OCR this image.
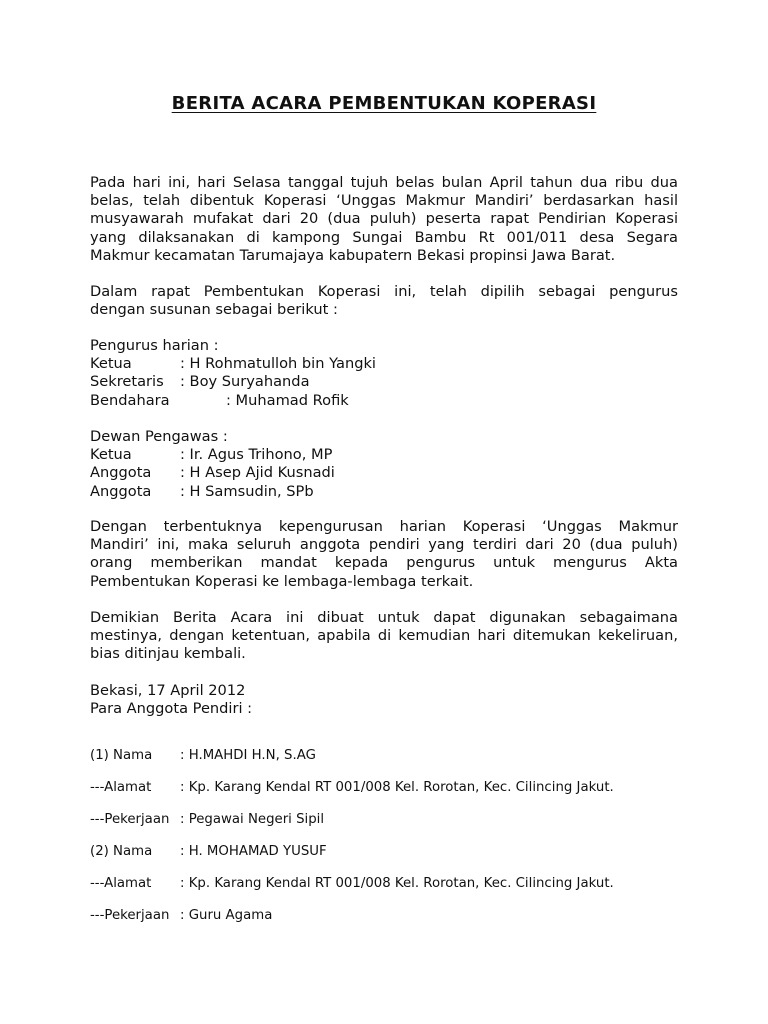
BERITA ACARA PEMBENTUKAN KOPERASI
Pada hari ini, hari Selasa tanggal tujuh belas bulan April tahun dua ribu dua
belas, telah dibentuk Koperasi ‘Unggas Makmur Mandiri’ berdasarkan hasil
musyawarah mufakat dari 20 (dua puluh) peserta rapat Pendirian Koperasi
yang dilaksanakan di kampong Sungai Bambu Rt 001/011 desa Segara
Makmur kecamatan Tarumajaya kabupatern Bekasi propinsi Jawa Barat.
Dalam rapat Pembentukan Koperasi ini, telah dipilih sebagai pengurus
dengan susunan sebagai berikut :
Pengurus harian :
Ketua	: H Rohmatulloh bin Yangki
Sekretaris	: Boy Suryahanda
Bendahara	: Muhamad Rofik
Dewan Pengawas :
Ketua	: Ir. Agus Trihono, MP
Anggota	: H Asep Ajid Kusnadi
Anggota	: H Samsudin, SPb
Dengan terbentuknya kepengurusan harian Koperasi ‘Unggas Makmur
Mandiri’ ini, maka seluruh anggota pendiri yang terdiri dari 20 (dua puluh)
orang memberikan mandat kepada pengurus untuk mengurus Akta
Pembentukan Koperasi ke lembaga-lembaga terkait.
Demikian Berita Acara ini dibuat untuk dapat digunakan sebagaimana
mestinya, dengan ketentuan, apabila di kemudian hari ditemukan kekeliruan,
bias ditinjau kembali.
Bekasi, 17 April 2012
Para Anggota Pendiri :
(1) Nama : H.MAHDI H.N, S.AG
---Alamat : Kp. Karang Kendal RT 001/008 Kel. Rorotan, Kec. Cilincing Jakut.
---Pekerjaan : Pegawai Negeri Sipil
(2) Nama : H. MOHAMAD YUSUF
---Alamat : Kp. Karang Kendal RT 001/008 Kel. Rorotan, Kec. Cilincing Jakut.
---Pekerjaan : Guru Agama
